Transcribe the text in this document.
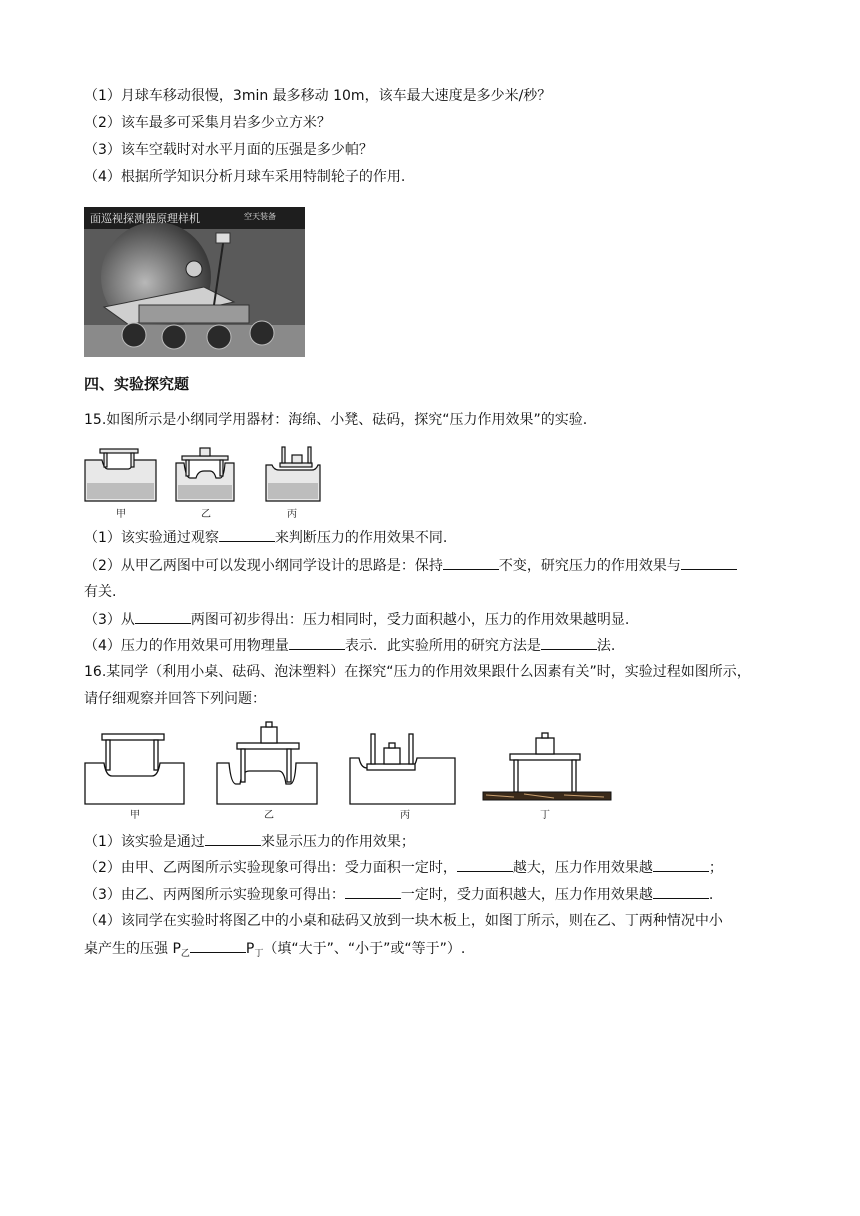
（1）月球车移动很慢，3min 最多移动 10m，该车最大速度是多少米/秒？
（2）该车最多可采集月岩多少立方米？
（3）该车空载时对水平月面的压强是多少帕？
（4）根据所学知识分析月球车采用特制轮子的作用.
面巡视探测器原理样机	空天装备
四、实验探究题
15.如图所示是小纲同学用器材：海绵、小凳、砝码，探究“压力作用效果”的实验.
甲	乙	丙
（1）该实验通过观察	来判断压力的作用效果不同.
（2）从甲乙两图中可以发现小纲同学设计的思路是：保持	不变，研究压力的作用效果与
有关.
（3）从	两图可初步得出：压力相同时，受力面积越小，压力的作用效果越明显.
（4）压力的作用效果可用物理量	表示．此实验所用的研究方法是	法.
16.某同学（利用小桌、砝码、泡沫塑料）在探究“压力的作用效果跟什么因素有关”时，实验过程如图所示，
请仔细观察并回答下列问题：
甲	乙	丙	丁
（1）该实验是通过	来显示压力的作用效果；
（2）由甲、乙两图所示实验现象可得出：受力面积一定时，	越大，压力作用效果越	；
（3）由乙、丙两图所示实验现象可得出：	一定时，受力面积越大，压力作用效果越	.
（4）该同学在实验时将图乙中的小桌和砝码又放到一块木板上，如图丁所示，则在乙、丁两种情况中小
桌产生的压强 $P_乙$	$P_丁$（填“大于”、“小于”或“等于”）.
